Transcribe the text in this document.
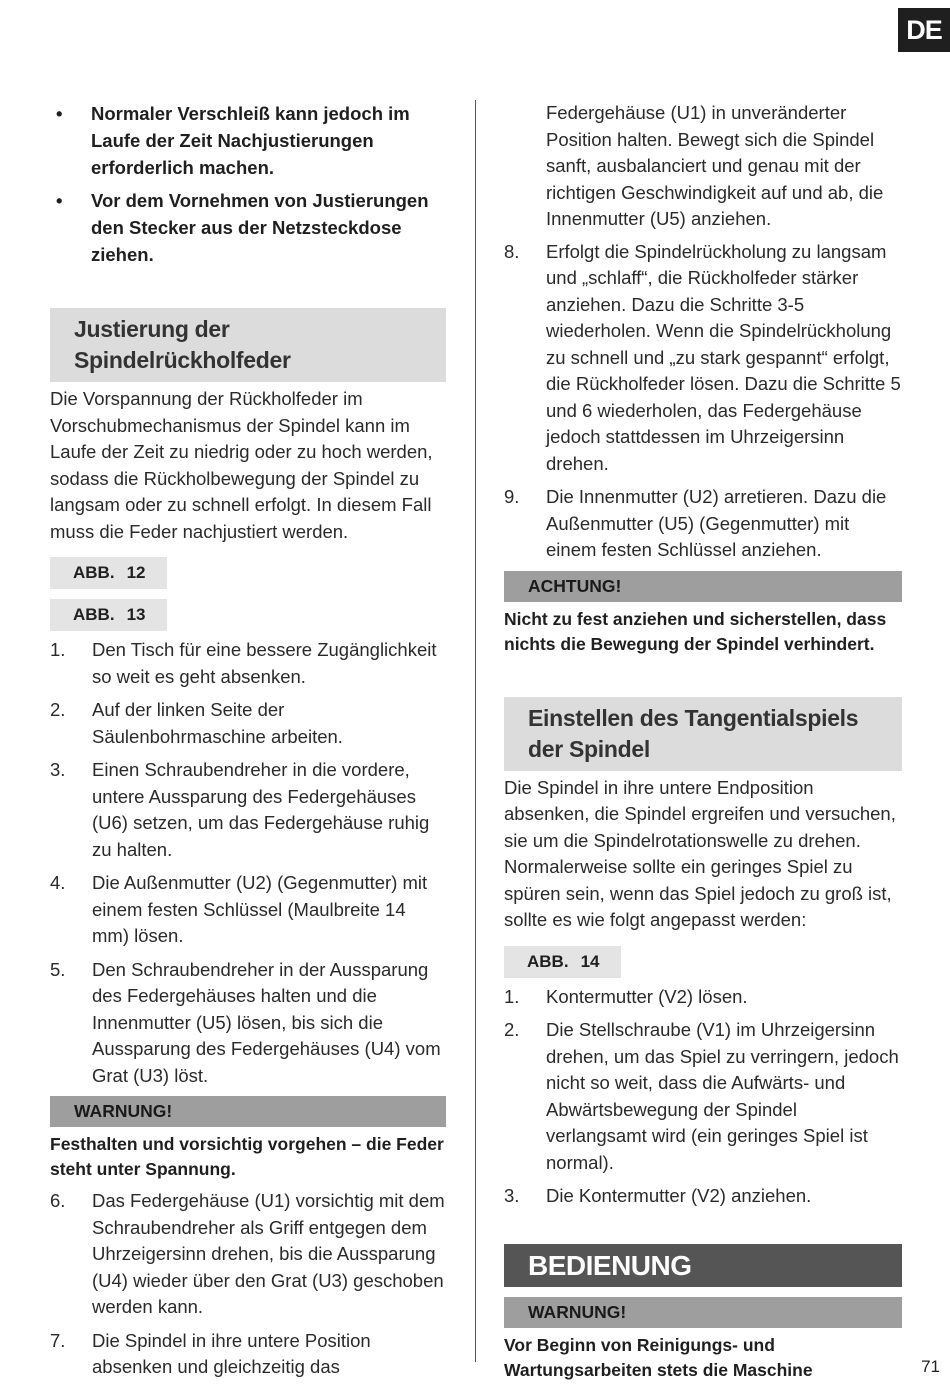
DE
• Normaler Verschleiß kann jedoch im Laufe der Zeit Nachjustierungen erforderlich machen.
• Vor dem Vornehmen von Justierungen den Stecker aus der Netzsteckdose ziehen.
Justierung der Spindelrückholfeder

Die Vorspannung der Rückholfeder im Vorschubmechanismus der Spindel kann im Laufe der Zeit zu niedrig oder zu hoch werden, sodass die Rückholbewegung der Spindel zu langsam oder zu schnell erfolgt. In diesem Fall muss die Feder nachjustiert werden.

ABB. 12
ABB. 13
1. Den Tisch für eine bessere Zugänglichkeit so weit es geht absenken.
2. Auf der linken Seite der Säulenbohrmaschine arbeiten.
3. Einen Schraubendreher in die vordere, untere Aussparung des Federgehäuses (U6) setzen, um das Federgehäuse ruhig zu halten.
4. Die Außenmutter (U2) (Gegenmutter) mit einem festen Schlüssel (Maulbreite 14 mm) lösen.
5. Den Schraubendreher in der Aussparung des Federgehäuses halten und die Innenmutter (U5) lösen, bis sich die Aussparung des Federgehäuses (U4) vom Grat (U3) löst.
WARNUNG!

Festhalten und vorsichtig vorgehen – die Feder steht unter Spannung.

6. Das Federgehäuse (U1) vorsichtig mit dem Schraubendreher als Griff entgegen dem Uhrzeigersinn drehen, bis die Aussparung (U4) wieder über den Grat (U3) geschoben werden kann.
7. Die Spindel in ihre untere Position absenken und gleichzeitig das

Federgehäuse (U1) in unveränderter Position halten. Bewegt sich die Spindel sanft, ausbalanciert und genau mit der richtigen Geschwindigkeit auf und ab, die Innenmutter (U5) anziehen.

8. Erfolgt die Spindelrückholung zu langsam und „schlaff“, die Rückholfeder stärker anziehen. Dazu die Schritte 3-5 wiederholen. Wenn die Spindelrückholung zu schnell und „zu stark gespannt“ erfolgt, die Rückholfeder lösen. Dazu die Schritte 5 und 6 wiederholen, das Federgehäuse jedoch stattdessen im Uhrzeigersinn drehen.
9. Die Innenmutter (U2) arretieren. Dazu die Außenmutter (U5) (Gegenmutter) mit einem festen Schlüssel anziehen.
ACHTUNG!

Nicht zu fest anziehen und sicherstellen, dass nichts die Bewegung der Spindel verhindert.

Einstellen des Tangentialspiels der Spindel

Die Spindel in ihre untere Endposition absenken, die Spindel ergreifen und versuchen, sie um die Spindelrotationswelle zu drehen. Normalerweise sollte ein geringes Spiel zu spüren sein, wenn das Spiel jedoch zu groß ist, sollte es wie folgt angepasst werden:

ABB. 14
1. Kontermutter (V2) lösen.
2. Die Stellschraube (V1) im Uhrzeigersinn drehen, um das Spiel zu verringern, jedoch nicht so weit, dass die Aufwärts- und Abwärtsbewegung der Spindel verlangsamt wird (ein geringes Spiel ist normal).
3. Die Kontermutter (V2) anziehen.
BEDIENUNG
WARNUNG!

Vor Beginn von Reinigungs- und Wartungsarbeiten stets die Maschine	71
